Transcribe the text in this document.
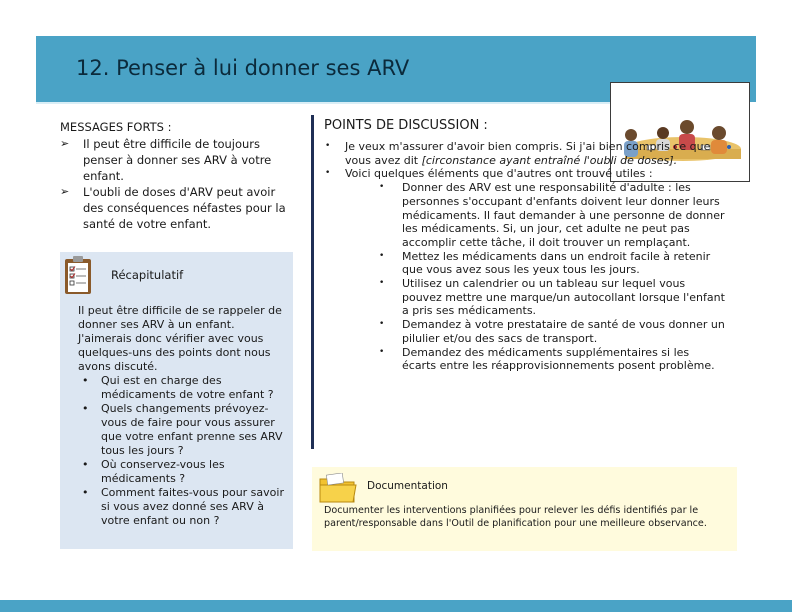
12. Penser à lui donner ses ARV
MESSAGES FORTS :
➢ Il peut être difficile de toujours penser à donner ses ARV à votre enfant.
➢ L'oubli de doses d'ARV peut avoir des conséquences néfastes pour la santé de votre enfant.
Récapitulatif

Il peut être difficile de se rappeler de donner ses ARV à un enfant. J'aimerais donc vérifier avec vous quelques-uns des points dont nous avons discuté.

• Qui est en charge des médicaments de votre enfant ?
• Quels changements prévoyez-vous de faire pour vous assurer que votre enfant prenne ses ARV tous les jours ?
• Où conservez-vous les médicaments ?
• Comment faites-vous pour savoir si vous avez donné ses ARV à votre enfant ou non ?
POINTS DE DISCUSSION :
• Je veux m'assurer d'avoir bien compris. Si j'ai bien compris ce que vous avez dit [circonstance ayant entraîné l'oubli de doses].
• Voici quelques éléments que d'autres ont trouvé utiles :
• Donner des ARV est une responsabilité d'adulte : les personnes s'occupant d'enfants doivent leur donner leurs médicaments. Il faut demander à une personne de donner les médicaments. Si, un jour, cet adulte ne peut pas accomplir cette tâche, il doit trouver un remplaçant.
• Mettez les médicaments dans un endroit facile à retenir que vous avez sous les yeux tous les jours.
• Utilisez un calendrier ou un tableau sur lequel vous pouvez mettre une marque/un autocollant lorsque l'enfant a pris ses médicaments.
• Demandez à votre prestataire de santé de vous donner un pilulier et/ou des sacs de transport.
• Demandez des médicaments supplémentaires si les écarts entre les réapprovisionnements posent problème.
Documentation
Documenter les interventions planifiées pour relever les défis identifiés par le parent/responsable dans l'Outil de planification pour une meilleure observance.
